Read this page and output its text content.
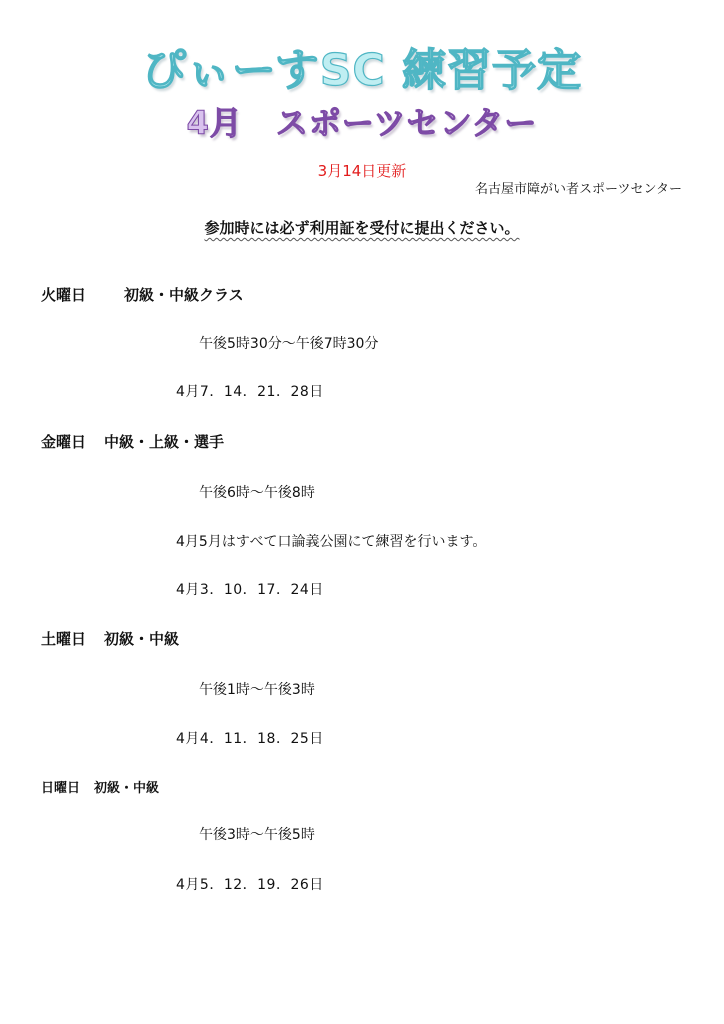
ぴぃーすSC 練習予定
4月　スポーツセンター
3月14日更新
名古屋市障がい者スポーツセンター
参加時には必ず利用証を受付に提出ください。
火曜日	初級・中級クラス
午後5時30分～午後7時30分
4月7．14．21．28日
金曜日 中級・上級・選手
午後6時～午後8時
4月5月はすべて口論義公園にて練習を行います。
4月3．10．17．24日
土曜日 初級・中級
午後1時～午後3時
4月4．11．18．25日
日曜日 初級・中級
午後3時～午後5時
4月5．12．19．26日
